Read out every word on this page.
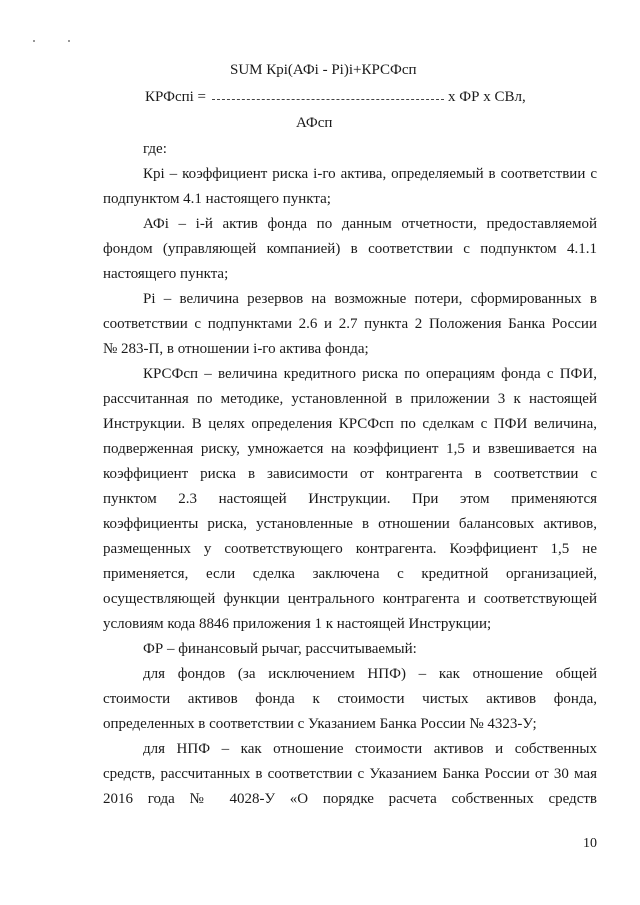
SUM Крi(АФi - Рi)i+КРСФсп
КРФспi =	х ФР х СВл,
АФсп
где:
Крi – коэффициент риска i-го актива, определяемый в соответствии с
подпунктом 4.1 настоящего пункта;
АФi – i-й актив фонда по данным отчетности, предоставляемой
фондом (управляющей компанией) в соответствии с подпунктом 4.1.1
настоящего пункта;
Рi – величина резервов на возможные потери, сформированных в
соответствии с подпунктами 2.6 и 2.7 пункта 2 Положения Банка России
№ 283-П, в отношении i-го актива фонда;
КРСФсп – величина кредитного риска по операциям фонда с ПФИ,
рассчитанная по методике, установленной в приложении 3 к настоящей
Инструкции. В целях определения КРСФсп по сделкам с ПФИ величина,
подверженная риску, умножается на коэффициент 1,5 и взвешивается на
коэффициент риска в зависимости от контрагента в соответствии с
пунктом 2.3 настоящей Инструкции. При этом применяются
коэффициенты риска, установленные в отношении балансовых активов,
размещенных у соответствующего контрагента. Коэффициент 1,5 не
применяется, если сделка заключена с кредитной организацией,
осуществляющей функции центрального контрагента и соответствующей
условиям кода 8846 приложения 1 к настоящей Инструкции;
ФР – финансовый рычаг, рассчитываемый:
для фондов (за исключением НПФ) – как отношение общей
стоимости активов фонда к стоимости чистых активов фонда,
определенных в соответствии с Указанием Банка России № 4323-У;
для НПФ – как отношение стоимости активов и собственных
средств, рассчитанных в соответствии с Указанием Банка России от 30 мая
2016 года № 4028-У «О порядке расчета собственных средств
10
